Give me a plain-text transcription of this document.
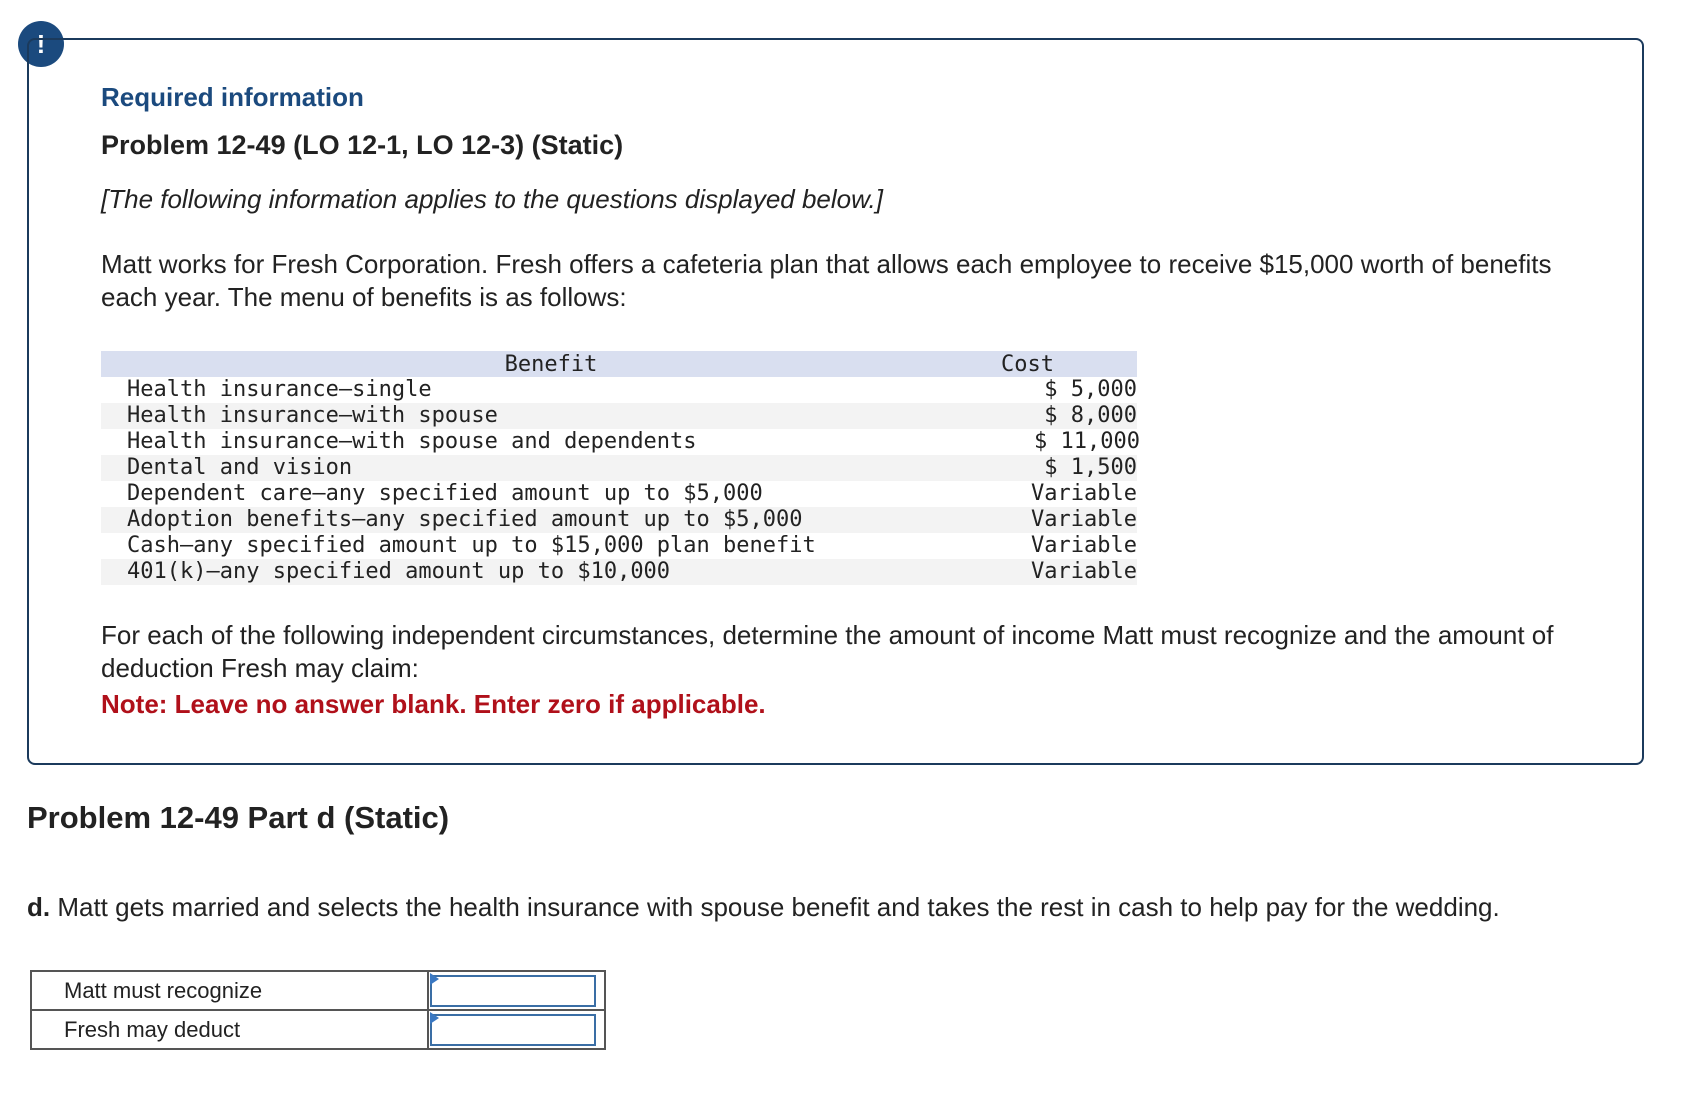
!
Required information
Problem 12-49 (LO 12-1, LO 12-3) (Static)
[The following information applies to the questions displayed below.]
Matt works for Fresh Corporation. Fresh offers a cafeteria plan that allows each employee to receive $15,000 worth of benefits each year. The menu of benefits is as follows:
Benefit	Cost
Health insurance—single	$ 5,000
Health insurance—with spouse	$ 8,000
Health insurance—with spouse and dependents	$ 11,000
Dental and vision	$ 1,500
Dependent care—any specified amount up to $5,000	Variable
Adoption benefits—any specified amount up to $5,000	Variable
Cash—any specified amount up to $15,000 plan benefit	Variable
401(k)—any specified amount up to $10,000	Variable
For each of the following independent circumstances, determine the amount of income Matt must recognize and the amount of deduction Fresh may claim:
Note: Leave no answer blank. Enter zero if applicable.
Problem 12-49 Part d (Static)
d. Matt gets married and selects the health insurance with spouse benefit and takes the rest in cash to help pay for the wedding.
Matt must recognize	

Fresh may deduct	
